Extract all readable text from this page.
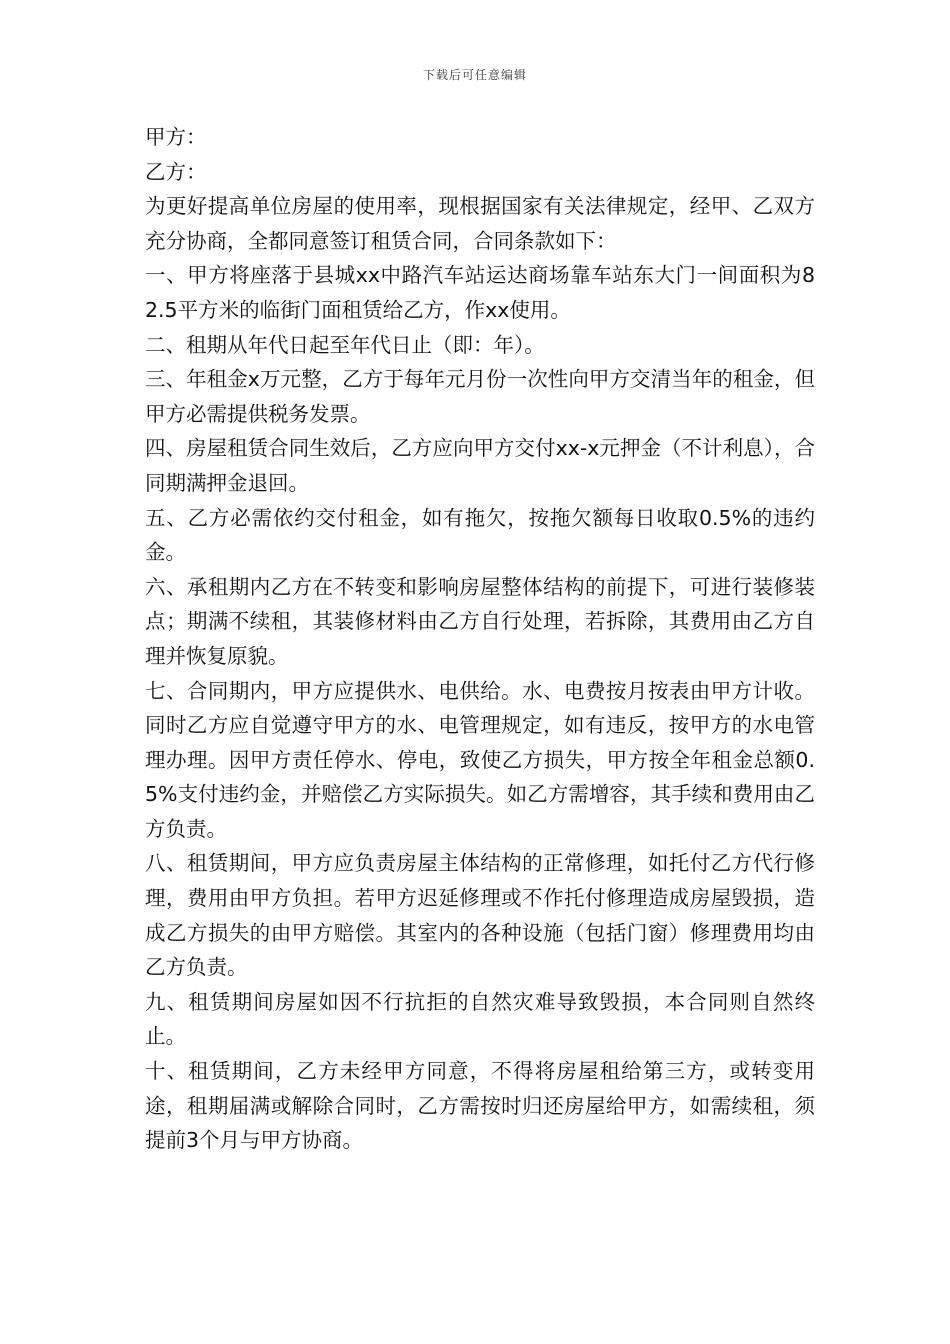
下载后可任意编辑

甲方：

乙方：

为更好提高单位房屋的使用率，现根据国家有关法律规定，经甲、乙双方充分协商，全都同意签订租赁合同，合同条款如下：

一、甲方将座落于县城xx中路汽车站运达商场靠车站东大门一间面积为82.5平方米的临街门面租赁给乙方，作xx使用。

二、租期从年代日起至年代日止（即：年）。

三、年租金x万元整，乙方于每年元月份一次性向甲方交清当年的租金，但甲方必需提供税务发票。

四、房屋租赁合同生效后，乙方应向甲方交付xx-x元押金（不计利息），合同期满押金退回。

五、乙方必需依约交付租金，如有拖欠，按拖欠额每日收取0.5%的违约金。

六、承租期内乙方在不转变和影响房屋整体结构的前提下，可进行装修装点；期满不续租，其装修材料由乙方自行处理，若拆除，其费用由乙方自理并恢复原貌。

七、合同期内，甲方应提供水、电供给。水、电费按月按表由甲方计收。同时乙方应自觉遵守甲方的水、电管理规定，如有违反，按甲方的水电管理办理。因甲方责任停水、停电，致使乙方损失，甲方按全年租金总额0.5%支付违约金，并赔偿乙方实际损失。如乙方需增容，其手续和费用由乙方负责。

八、租赁期间，甲方应负责房屋主体结构的正常修理，如托付乙方代行修理，费用由甲方负担。若甲方迟延修理或不作托付修理造成房屋毁损，造成乙方损失的由甲方赔偿。其室内的各种设施（包括门窗）修理费用均由乙方负责。

九、租赁期间房屋如因不行抗拒的自然灾难导致毁损，本合同则自然终止。

十、租赁期间，乙方未经甲方同意，不得将房屋租给第三方，或转变用途，租期届满或解除合同时，乙方需按时归还房屋给甲方，如需续租，须提前3个月与甲方协商。
